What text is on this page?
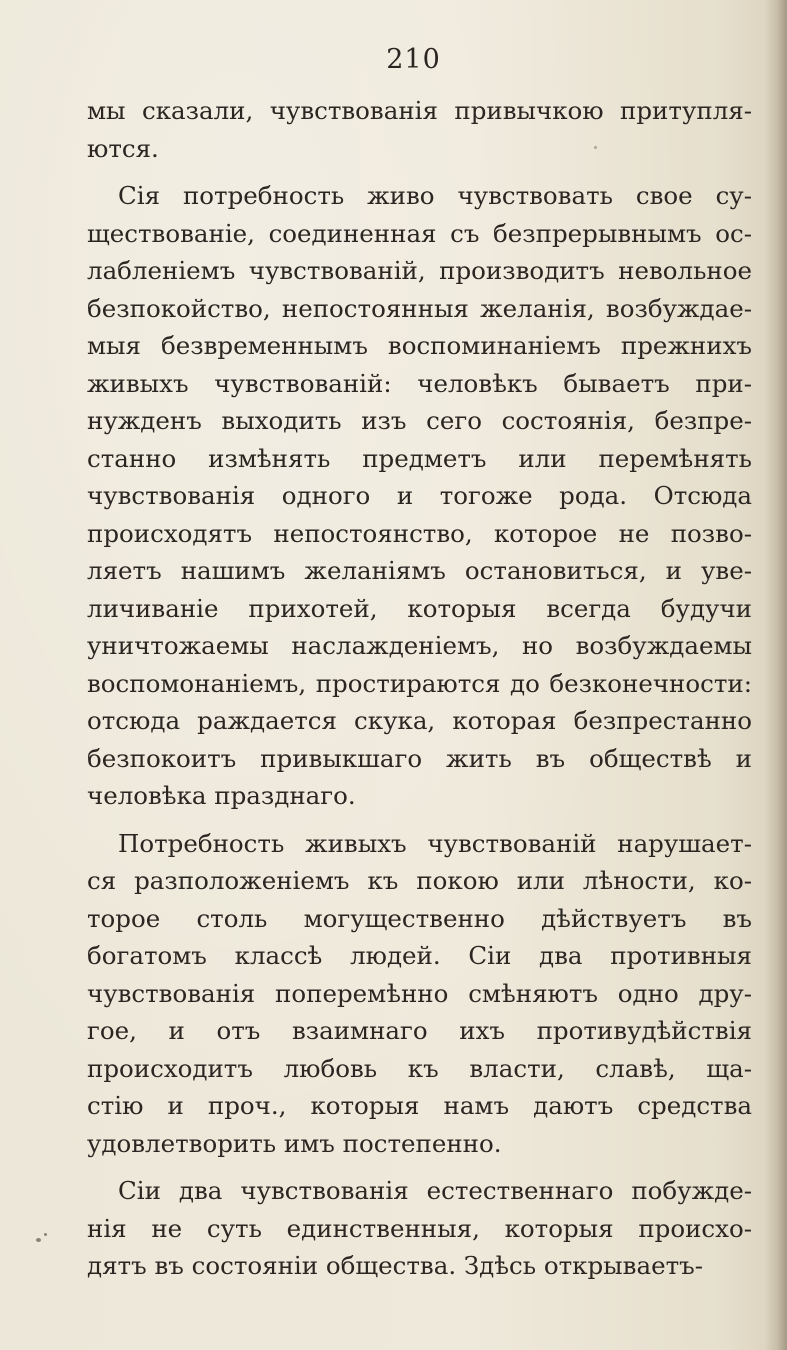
210
мы сказали, чувствованія привычкою притупля-
ются.
Сія потребность живо чувствовать свое су-
ществованіе, соединенная съ безпрерывнымъ ос-
лабленіемъ чувствованій, производитъ невольное
безпокойство, непостоянныя желанія, возбуждае-
мыя безвременнымъ воспоминаніемъ прежнихъ
живыхъ чувствованій: человѣкъ бываетъ при-
нужденъ выходить изъ сего состоянія, безпре-
станно измѣнять предметъ или перемѣнять
чувствованія одного и тогоже рода. Отсюда
происходятъ непостоянство, которое не позво-
ляетъ нашимъ желаніямъ остановиться, и уве-
личиваніе прихотей, которыя всегда будучи
уничтожаемы наслажденіемъ, но возбуждаемы
воспомонаніемъ, простираются до безконечности:
отсюда раждается скука, которая безпрестанно
безпокоитъ привыкшаго жить въ обществѣ и
человѣка празднаго.
Потребность живыхъ чувствованій нарушает-
ся разположеніемъ къ покою или лѣности, ко-
торое столь могущественно дѣйствуетъ въ
богатомъ классѣ людей. Сіи два противныя
чувствованія поперемѣнно смѣняютъ одно дру-
гое, и отъ взаимнаго ихъ противудѣйствія
происходитъ любовь къ власти, славѣ, ща-
стію и проч., которыя намъ даютъ средства
удовлетворить имъ постепенно.
Сіи два чувствованія естественнаго побужде-
нія не суть единственныя, которыя происхо-
дятъ въ состояніи общества. Здѣсь открываетъ-
